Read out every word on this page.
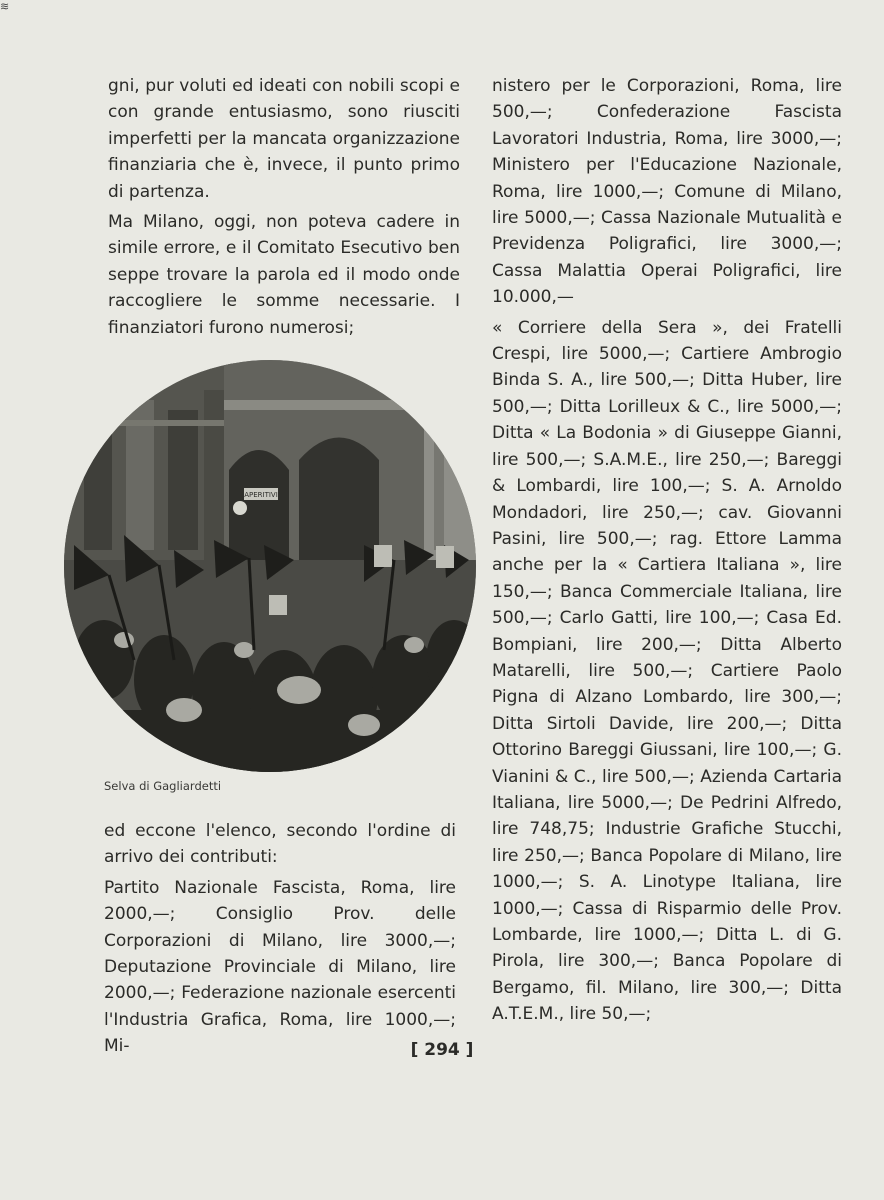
≋

gni, pur voluti ed ideati con nobili scopi e con grande entusiasmo, sono riusciti imperfetti per la mancata organizzazione finanziaria che è, invece, il punto primo di partenza.

Ma Milano, oggi, non poteva cadere in simile errore, e il Comitato Esecutivo ben seppe trovare la parola ed il modo onde raccogliere le somme necessarie. I finanziatori furono numerosi;

APERITIVI
Selva di Gagliardetti

ed eccone l'elenco, secondo l'ordine di arrivo dei contributi:

Partito Nazionale Fascista, Roma, lire 2000,—; Consiglio Prov. delle Corporazioni di Milano, lire 3000,—; Deputazione Provinciale di Milano, lire 2000,—; Federazione nazionale esercenti l'Industria Grafica, Roma, lire 1000,—; Mi-

nistero per le Corporazioni, Roma, lire 500,—; Confederazione Fascista Lavoratori Industria, Roma, lire 3000,—; Ministero per l'Educazione Nazionale, Roma, lire 1000,—; Comune di Milano, lire 5000,—; Cassa Nazionale Mutualità e Previdenza Poligrafici, lire 3000,—; Cassa Malattia Operai Poligrafici, lire 10.000,—

« Corriere della Sera », dei Fratelli Crespi, lire 5000,—; Cartiere Ambrogio Binda S. A., lire 500,—; Ditta Huber, lire 500,—; Ditta Lorilleux & C., lire 5000,—; Ditta « La Bodonia » di Giuseppe Gianni, lire 500,—; S.A.M.E., lire 250,—; Bareggi & Lombardi, lire 100,—; S. A. Arnoldo Mondadori, lire 250,—; cav. Giovanni Pasini, lire 500,—; rag. Ettore Lamma anche per la « Cartiera Italiana », lire 150,—; Banca Commerciale Italiana, lire 500,—; Carlo Gatti, lire 100,—; Casa Ed. Bompiani, lire 200,—; Ditta Alberto Matarelli, lire 500,—; Cartiere Paolo Pigna di Alzano Lombardo, lire 300,—; Ditta Sirtoli Davide, lire 200,—; Ditta Ottorino Bareggi Giussani, lire 100,—; G. Vianini & C., lire 500,—; Azienda Cartaria Italiana, lire 5000,—; De Pedrini Alfredo, lire 748,75; Industrie Grafiche Stucchi, lire 250,—; Banca Popolare di Milano, lire 1000,—; S. A. Linotype Italiana, lire 1000,—; Cassa di Risparmio delle Prov. Lombarde, lire 1000,—; Ditta L. di G. Pirola, lire 300,—; Banca Popolare di Bergamo, fil. Milano, lire 300,—; Ditta A.T.E.M., lire 50,—;

[ 294 ]
